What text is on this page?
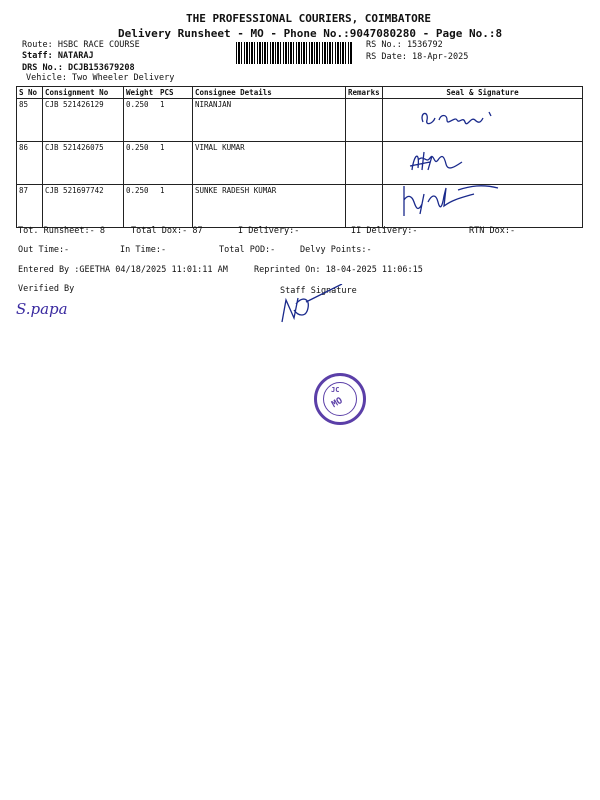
THE PROFESSIONAL COURIERS, COIMBATORE
Delivery Runsheet - MO - Phone No.:9047080280 - Page No.:8
Route: HSBC RACE COURSE
Staff: NATARAJ
DRS No.: DCJB153679208
Vehicle: Two Wheeler Delivery
RS No.: 1536792
RS Date: 18-Apr-2025
S No	Consignment No	Weight	PCS	Consignee Details	Remarks	Seal & Signature
85	CJB 521426129	0.250	1	NIRANJAN		
86	CJB 521426075	0.250	1	VIMAL KUMAR		
87	CJB 521697742	0.250	1	SUNKE RADESH KUMAR		
Tot. Runsheet:- 8	Total Dox:- 87	I Delivery:-	II Delivery:-	RTN Dox:-
Out Time:-	In Time:-	Total POD:-	Delvy Points:-
Entered By :GEETHA 04/18/2025 11:01:11 AM	Reprinted On: 18-04-2025 11:06:15
Verified By	Staff Signature
S.papa
JC
MO
